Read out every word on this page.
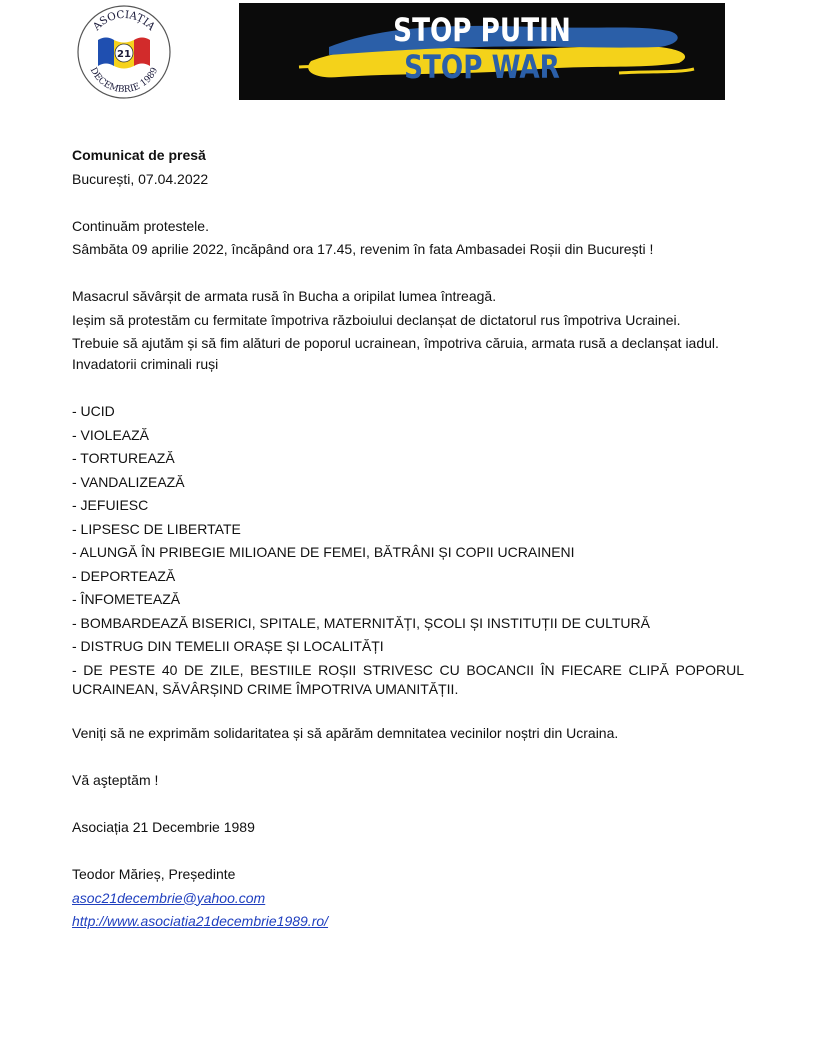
ASOCIAȚIA
DECEMBRIE 1989
21
STOP PUTIN
STOP WAR

Comunicat de presă

București, 07.04.2022

Continuăm protestele.

Sâmbăta 09 aprilie 2022, încăpând ora 17.45, revenim în fata Ambasadei Roșii din București !

Masacrul săvârșit de armata rusă în Bucha a oripilat lumea întreagă.

Ieșim să protestăm cu fermitate împotriva războiului declanșat de dictatorul rus împotriva Ucrainei.

Trebuie să ajutăm și să fim alături de poporul ucrainean, împotriva căruia, armata rusă a declanșat iadul.

Invadatorii criminali ruși

- UCID

- VIOLEAZĂ

- TORTUREAZĂ

- VANDALIZEAZĂ

- JEFUIESC

- LIPSESC DE LIBERTATE

- ALUNGĂ ÎN PRIBEGIE MILIOANE DE FEMEI, BĂTRÂNI ȘI COPII UCRAINENI

- DEPORTEAZĂ

- ÎNFOMETEAZĂ

- BOMBARDEAZĂ BISERICI, SPITALE, MATERNITĂȚI, ȘCOLI ȘI INSTITUȚII DE CULTURĂ

- DISTRUG DIN TEMELII ORAȘE ȘI LOCALITĂȚI

- DE PESTE 40 DE ZILE, BESTIILE ROȘII STRIVESC CU BOCANCII ÎN FIECARE CLIPĂ POPORUL UCRAINEAN, SĂVÂRȘIND CRIME ÎMPOTRIVA UMANITĂȚII.

Veniți să ne exprimăm solidaritatea și să apărăm demnitatea vecinilor noștri din Ucraina.

Vă aşteptăm !

Asociația 21 Decembrie 1989

Teodor Mărieș, Președinte

asoc21decembrie@yahoo.com

http://www.asociatia21decembrie1989.ro/
